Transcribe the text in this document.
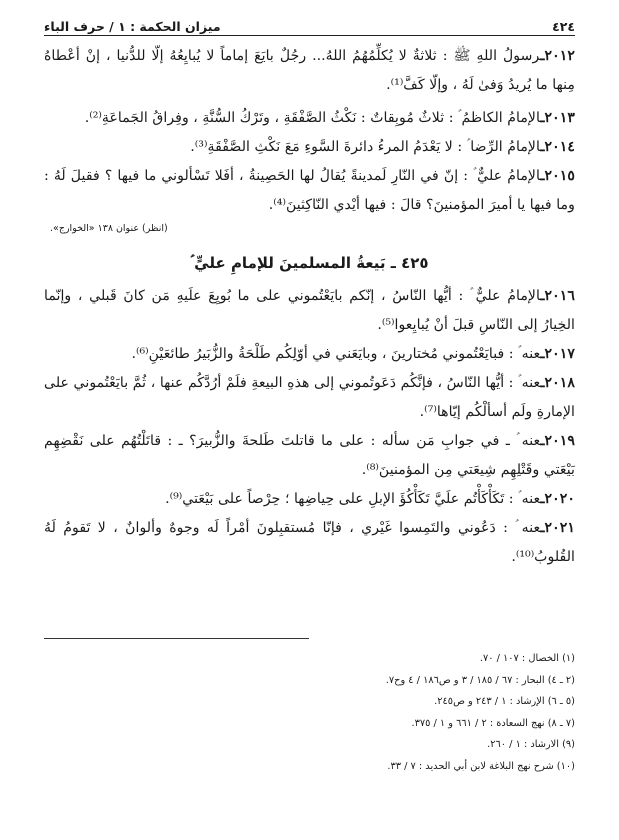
٤٢٤
ميزان الحكمة : ١ / حرف الباء

٢٠١٢ـرسولُ اللهِ ﷺ : ثلاثةٌ لا يُكلِّمُهُمُ اللهُ... رجُلٌ بايَعَ إماماً لا يُبايِعُهُ إلّا للدُّنيا ، إنْ أعْطاهُ مِنها ما يُريدُ وَفىٰ لَهُ ، وإلّا كَفَّ⁽¹⁾.

٢٠١٣ـالإمامُ الكاظمُ ؑ : ثلاثٌ مُوبِقاتٌ : نَكْثُ الصَّفْقَةِ ، وتَرْكُ السُّنَّةِ ، وفِراقُ الجَماعَةِ⁽²⁾.

٢٠١٤ـالإمامُ الرِّضا ؑ : لا يَعْدَمُ المرءُ دائرةَ السَّوءِ مَعَ نَكْثِ الصَّفْقَةِ⁽³⁾.

٢٠١٥ـالإمامُ عليٌّ ؑ : إنّ في النّارِ لَمدينةً يُقالُ لها الحَصِينةُ ، أفَلا تَسْألوني ما فيها ؟ فقيلَ لَهُ : وما فيها يا أميرَ المؤمنينَ؟ قالَ : فيها أيْدي النّاكِثينَ⁽⁴⁾.

(انظر) عنوان ١٣٨ «الخوارج».

٤٢٥ ـ بَيعةُ المسلمينَ للإمامِ عليٍّ ؑ

٢٠١٦ـالإمامُ عليٌّ ؑ : أيُّها النّاسُ ، إنّكم بايَعْتُموني على ما بُويِعَ علَيهِ مَن كانَ قَبلي ، وإنّما الخِيارُ إلى النّاسِ قبلَ أنْ يُبايِعوا⁽⁵⁾.

٢٠١٧ـعنه ؑ : فبايَعْتُموني مُختارينَ ، وبايَعَني في أوّلِكُم طَلْحَةُ والزُّبَيرُ طائعَيْنِ⁽⁶⁾.

٢٠١٨ـعنه ؑ : أيُّها النّاسُ ، فإنَّكُم دَعَوتُموني إلى هذهِ البيعةِ فلَمْ أرُدَّكُم عنها ، ثُمَّ بايَعْتُموني على الإمارةِ ولَم أسألْكُم إيّاها⁽⁷⁾.

٢٠١٩ـعنه ؑ ـ في جوابِ مَن سأله : على ما قاتلتَ طَلحةَ والزُّبيرَ؟ ـ : قاتَلْتُهُم على نَقْضِهِم بَيْعَتي وقَتْلِهِم شِيعَتي مِن المؤمنينَ⁽⁸⁾.

٢٠٢٠ـعنه ؑ : تَكَأْكَأْتُم علَيَّ تَكَأْكُؤَ الإبلِ على حِياضِها ؛ حِرْصاً على بَيْعَتي⁽⁹⁾.

٢٠٢١ـعنه ؑ : دَعُوني والتَمِسوا غَيْري ، فإنّا مُستقبِلونَ أمْراً لَه وجوهٌ وألوانٌ ، لا تَقومُ لَهُ القُلوبُ⁽¹⁰⁾.

(١) الخصال : ١٠٧ / ٧٠.

(٢ ـ ٤) البحار : ٦٧ / ١٨٥ / ٣ و ص١٨٦ / ٤ وح٧.

(٥ ـ ٦) الإرشاد : ١ / ٢٤٣ و ص٢٤٥.

(٧ ـ ٨) نهج السعادة : ٢ / ٦٦١ و ١ / ٣٧٥.

(٩) الارشاد : ١ / ٢٦٠.

(١٠) شرح نهج البلاغة لابن أبي الحديد : ٧ / ٣٣.
